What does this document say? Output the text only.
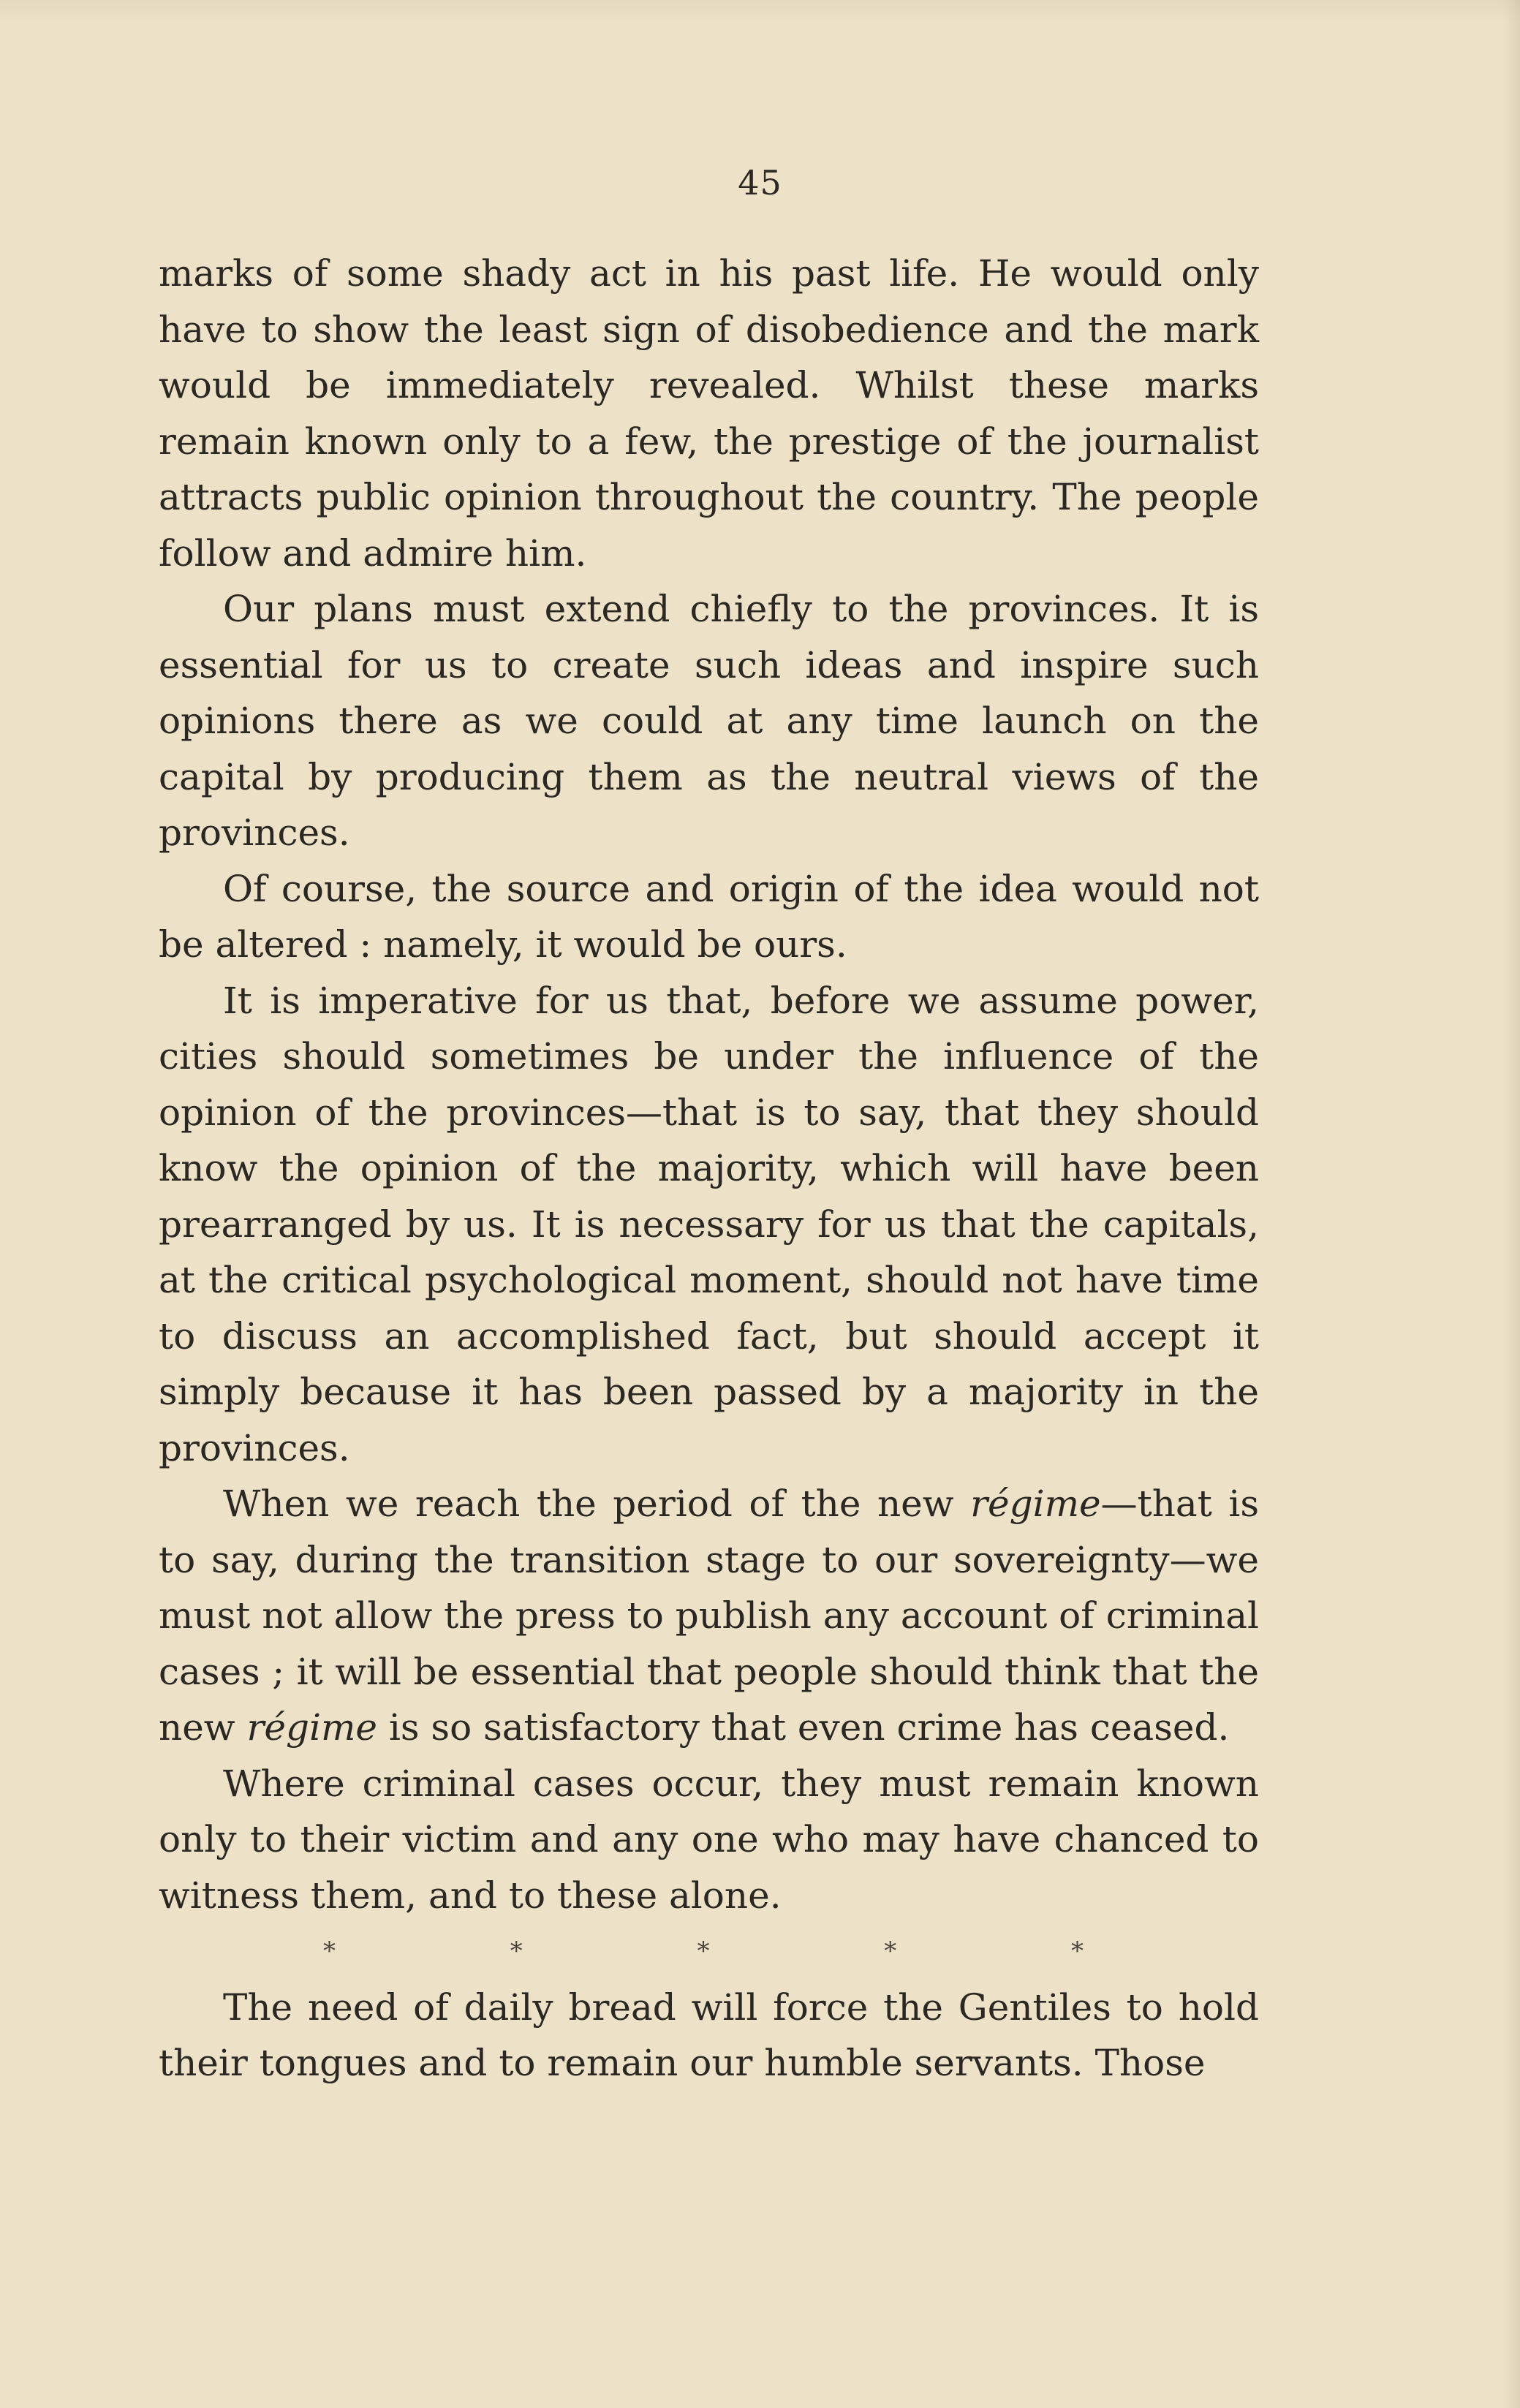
45

marks of some shady act in his past life. He would only have to show the least sign of disobedience and the mark would be immediately revealed. Whilst these marks remain known only to a few, the prestige of the journalist attracts public opinion throughout the country. The people follow and admire him.

Our plans must extend chiefly to the provinces. It is essential for us to create such ideas and inspire such opinions there as we could at any time launch on the capital by producing them as the neutral views of the provinces.

Of course, the source and origin of the idea would not be altered : namely, it would be ours.

It is imperative for us that, before we assume power, cities should sometimes be under the influence of the opinion of the provinces—that is to say, that they should know the opinion of the majority, which will have been prearranged by us. It is necessary for us that the capitals, at the critical psychological moment, should not have time to discuss an accomplished fact, but should accept it simply because it has been passed by a majority in the provinces.

When we reach the period of the new régime—that is to say, during the transition stage to our sovereignty—we must not allow the press to publish any account of criminal cases ; it will be essential that people should think that the new régime is so satisfactory that even crime has ceased.

Where criminal cases occur, they must remain known only to their victim and any one who may have chanced to witness them, and to these alone.

*	*	*	*	*

The need of daily bread will force the Gentiles to hold their tongues and to remain our humble servants. Those
